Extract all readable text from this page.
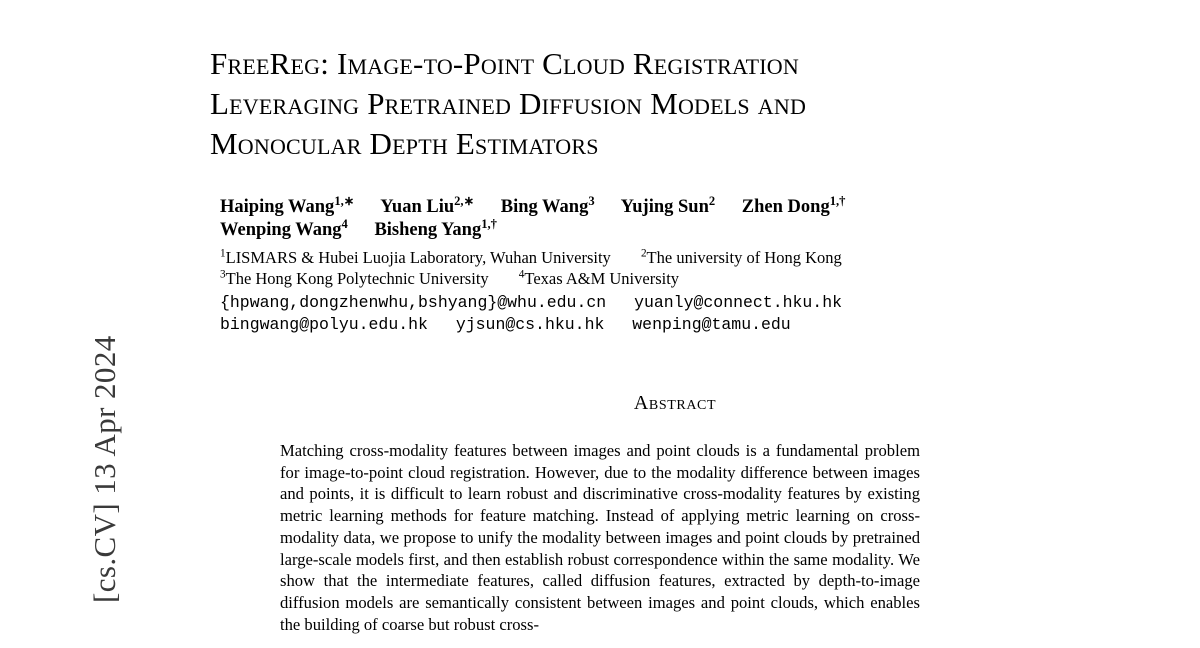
[cs.CV] 13 Apr 2024
FreeReg: Image-to-Point Cloud Registration
Leveraging Pretrained Diffusion Models and
Monocular Depth Estimators
Haiping Wang$^{1,∗}$ Yuan Liu$^{2,∗}$ Bing Wang$^3$ Yujing Sun$^2$ Zhen Dong$^{1,\dagger}$
Wenping Wang$^4$ Bisheng Yang$^{1,\dagger}$
$^1$LISMARS & Hubei Luojia Laboratory, Wuhan University	$^2$The university of Hong Kong
$^3$The Hong Kong Polytechnic University	$^4$Texas A&M University
{hpwang,dongzhenwhu,bshyang}@whu.edu.cn yuanly@connect.hku.hk
bingwang@polyu.edu.hk yjsun@cs.hku.hk wenping@tamu.edu
Abstract

Matching cross-modality features between images and point clouds is a fundamental problem for image-to-point cloud registration. However, due to the modality difference between images and points, it is difficult to learn robust and discriminative cross-modality features by existing metric learning methods for feature matching. Instead of applying metric learning on cross-modality data, we propose to unify the modality between images and point clouds by pretrained large-scale models first, and then establish robust correspondence within the same modality. We show that the intermediate features, called diffusion features, extracted by depth-to-image diffusion models are semantically consistent between images and point clouds, which enables the building of coarse but robust cross-
